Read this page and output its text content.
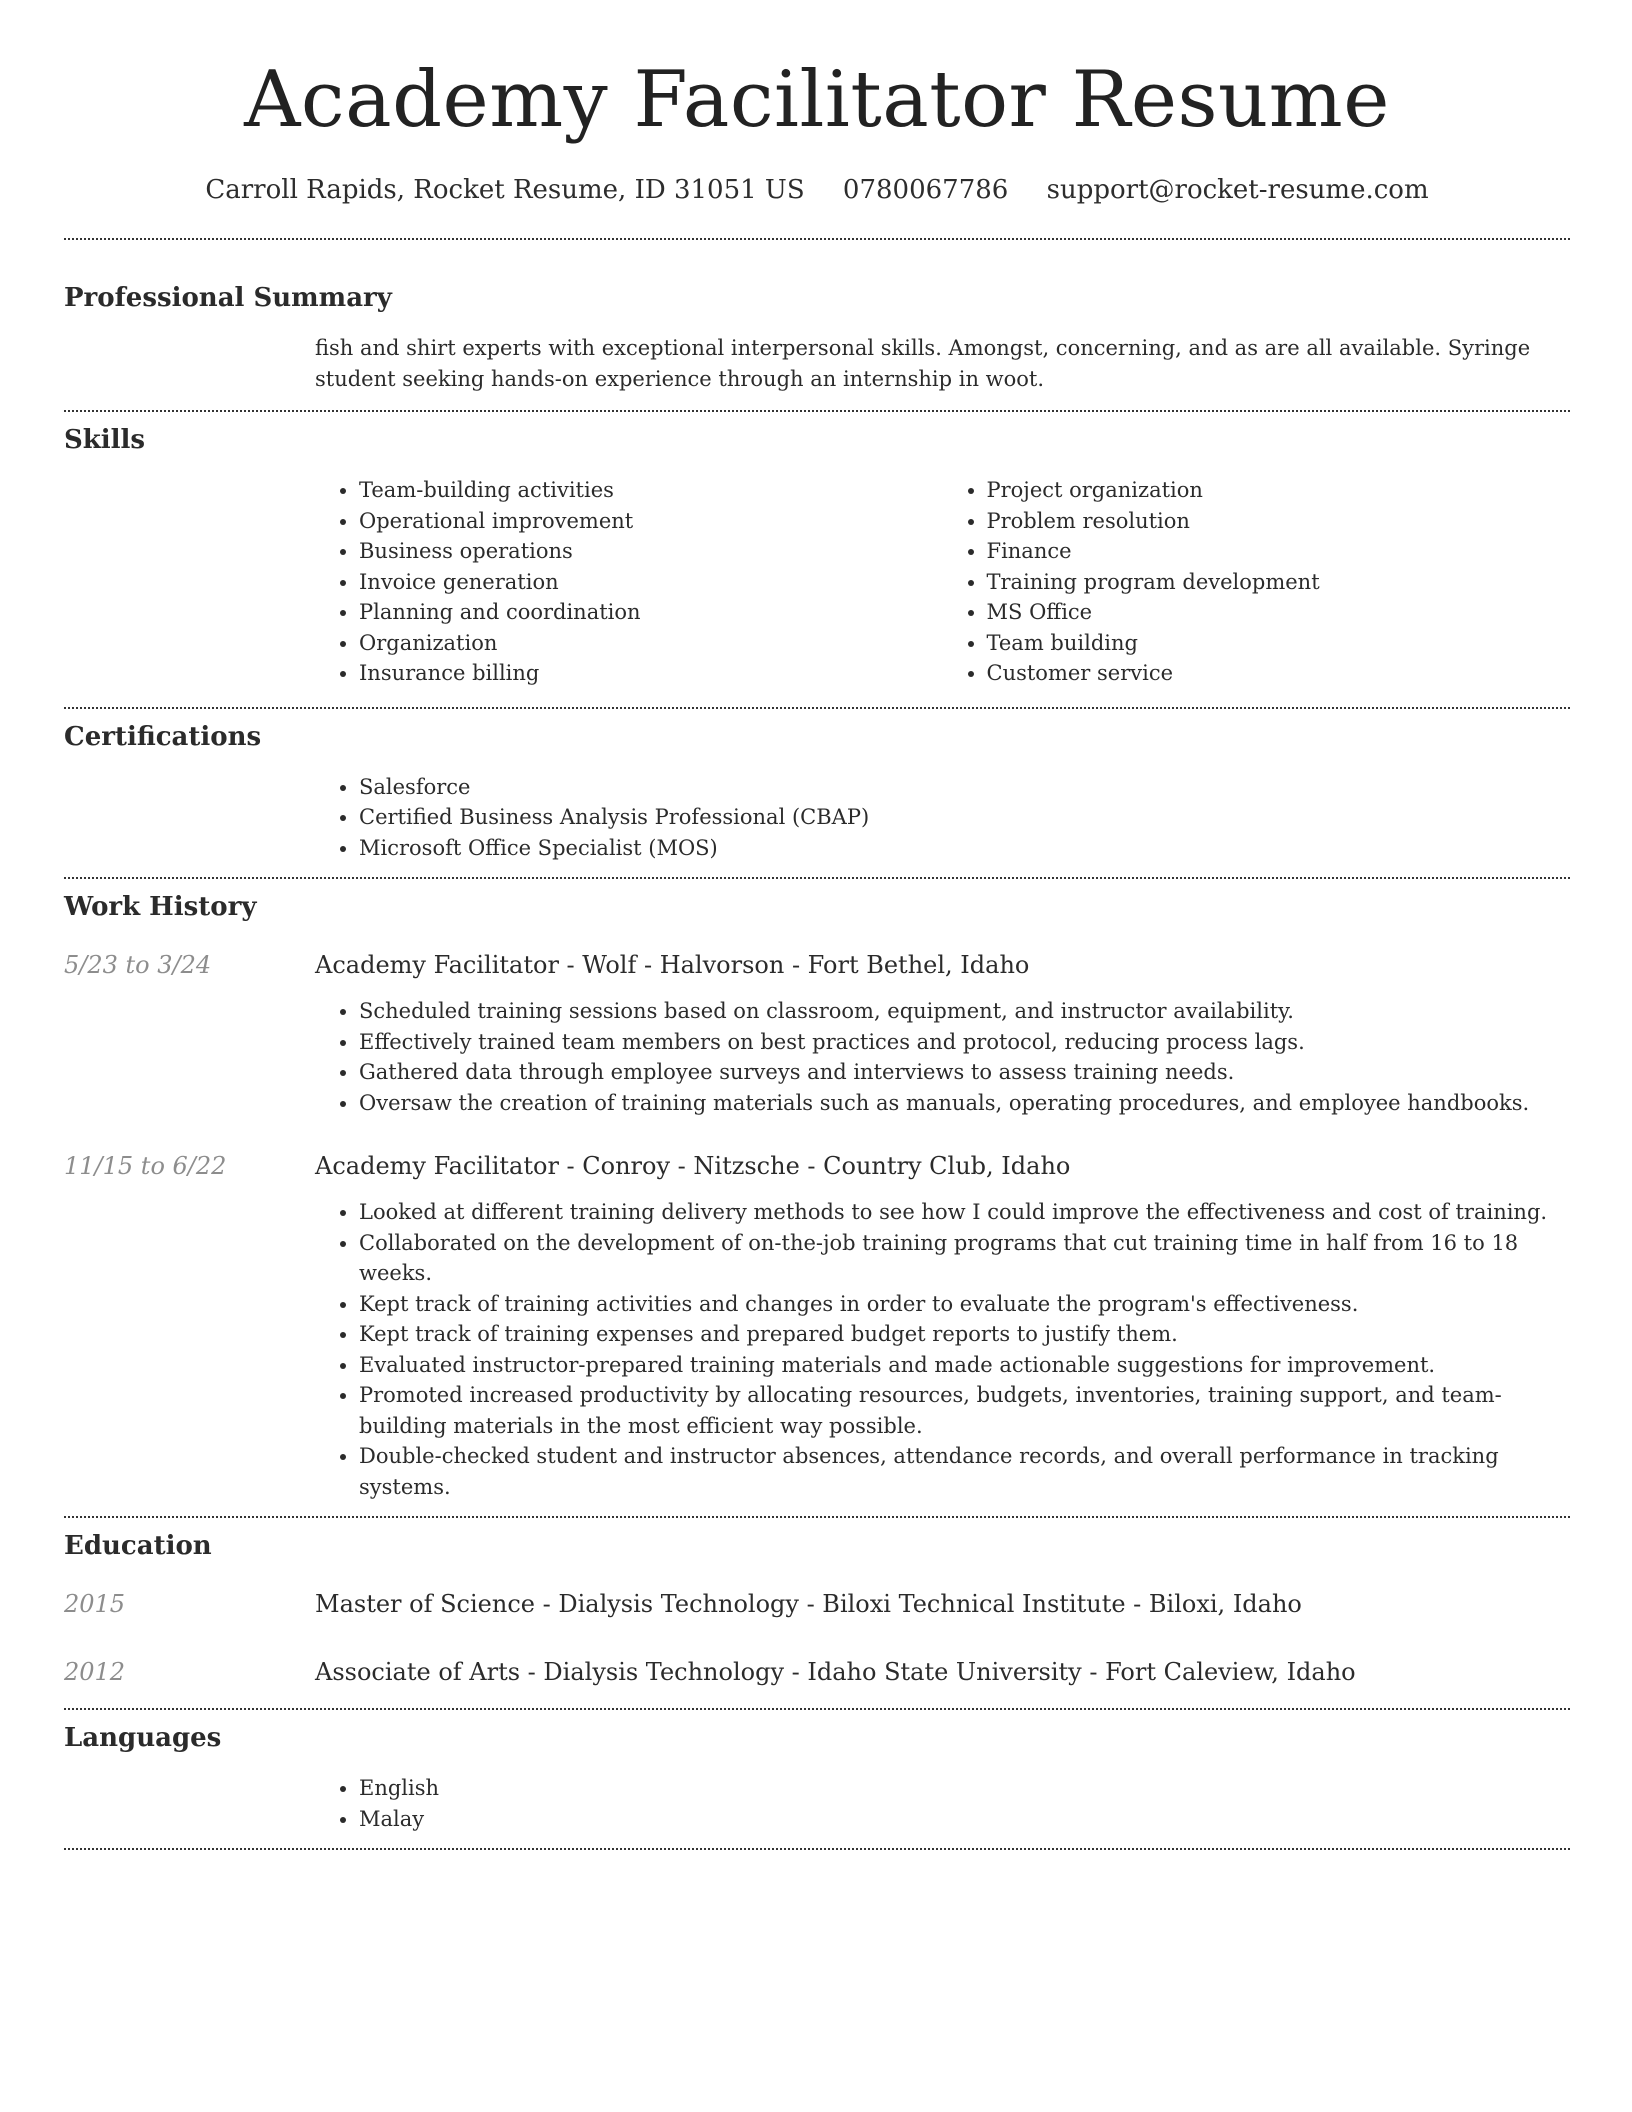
Academy Facilitator Resume
Carroll Rapids, Rocket Resume, ID 31051 US 0780067786 support@rocket-resume.com
Professional Summary
fish and shirt experts with exceptional interpersonal skills. Amongst, concerning, and as are all available. Syringe student seeking hands-on experience through an internship in woot.
Skills
• Team-building activities
• Operational improvement
• Business operations
• Invoice generation
• Planning and coordination
• Organization
• Insurance billing
• Project organization
• Problem resolution
• Finance
• Training program development
• MS Office
• Team building
• Customer service
Certifications
• Salesforce
• Certified Business Analysis Professional (CBAP)
• Microsoft Office Specialist (MOS)
Work History
5/23 to 3/24	Academy Facilitator - Wolf - Halvorson - Fort Bethel, Idaho
• Scheduled training sessions based on classroom, equipment, and instructor availability.
• Effectively trained team members on best practices and protocol, reducing process lags.
• Gathered data through employee surveys and interviews to assess training needs.
• Oversaw the creation of training materials such as manuals, operating procedures, and employee handbooks.
11/15 to 6/22	Academy Facilitator - Conroy - Nitzsche - Country Club, Idaho
• Looked at different training delivery methods to see how I could improve the effectiveness and cost of training.
• Collaborated on the development of on-the-job training programs that cut training time in half from 16 to 18 weeks.
• Kept track of training activities and changes in order to evaluate the program's effectiveness.
• Kept track of training expenses and prepared budget reports to justify them.
• Evaluated instructor-prepared training materials and made actionable suggestions for improvement.
• Promoted increased productivity by allocating resources, budgets, inventories, training support, and team-building materials in the most efficient way possible.
• Double-checked student and instructor absences, attendance records, and overall performance in tracking systems.
Education
2015	Master of Science - Dialysis Technology - Biloxi Technical Institute - Biloxi, Idaho
2012	Associate of Arts - Dialysis Technology - Idaho State University - Fort Caleview, Idaho
Languages
• English
• Malay
